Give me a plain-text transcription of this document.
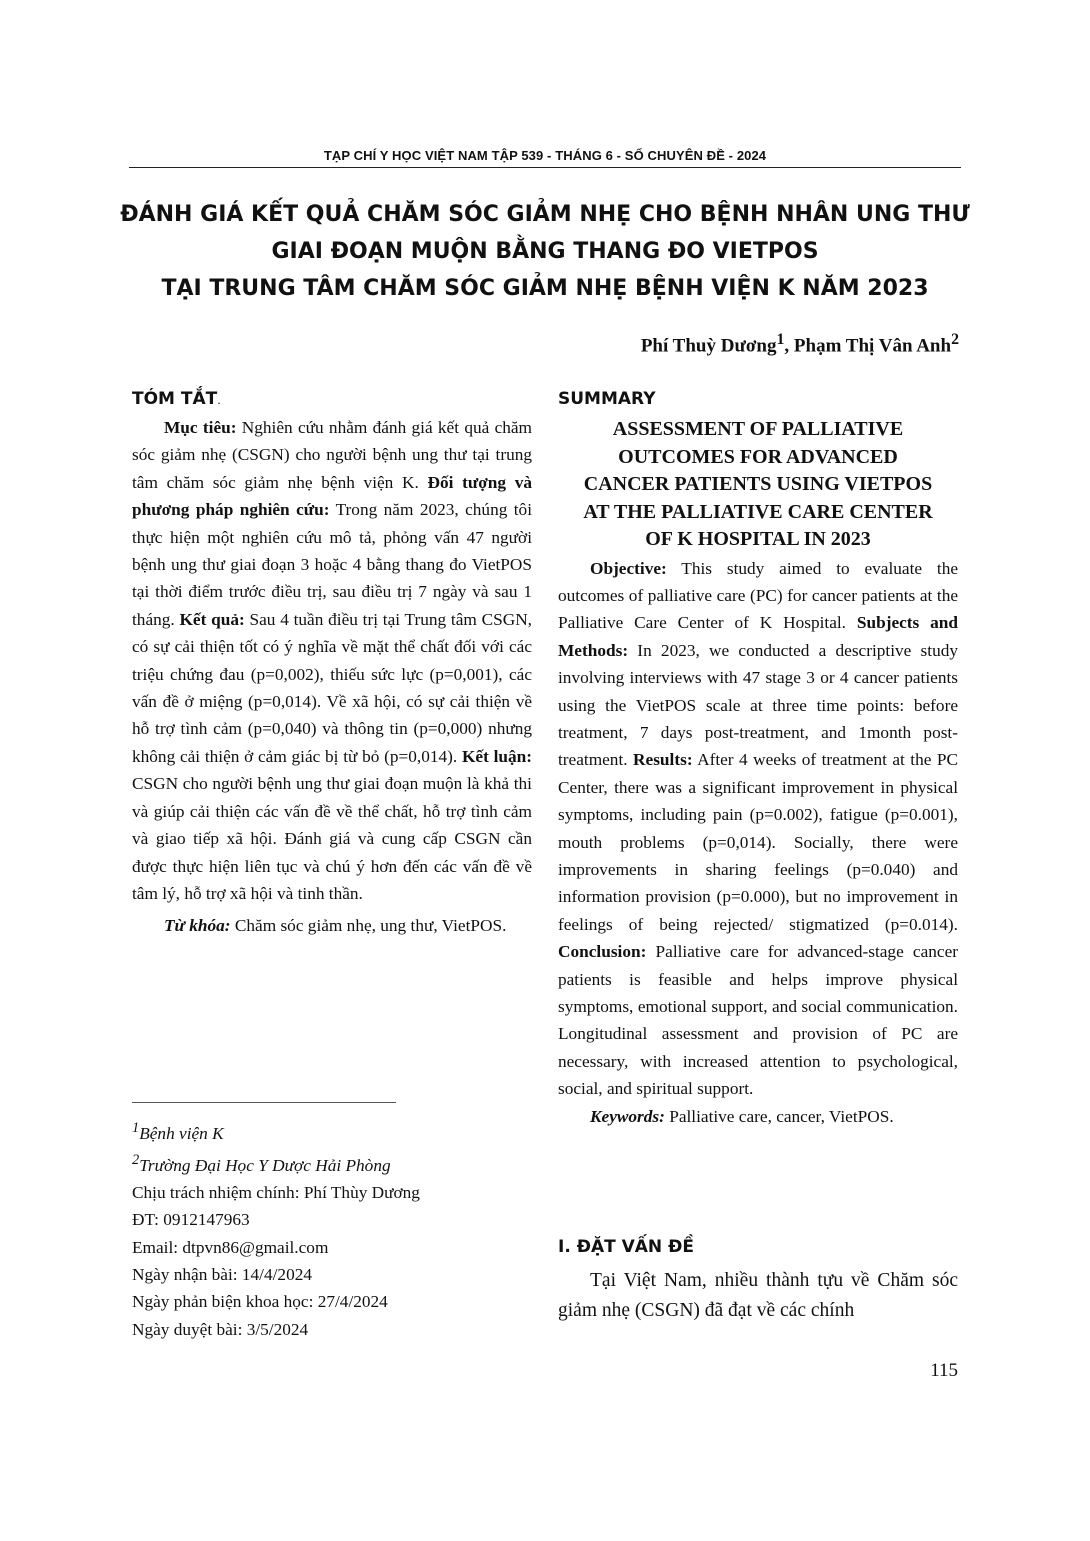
TẠP CHÍ Y HỌC VIỆT NAM TẬP 539 - THÁNG 6 - SỐ CHUYÊN ĐỀ - 2024
ĐÁNH GIÁ KẾT QUẢ CHĂM SÓC GIẢM NHẸ CHO BỆNH NHÂN UNG THƯ
GIAI ĐOẠN MUỘN BẰNG THANG ĐO VIETPOS
TẠI TRUNG TÂM CHĂM SÓC GIẢM NHẸ BỆNH VIỆN K NĂM 2023
Phí Thuỳ Dương$^1$, Phạm Thị Vân Anh$^2$
TÓM TẮT.

Mục tiêu: Nghiên cứu nhằm đánh giá kết quả chăm sóc giảm nhẹ (CSGN) cho người bệnh ung thư tại trung tâm chăm sóc giảm nhẹ bệnh viện K. Đối tượng và phương pháp nghiên cứu: Trong năm 2023, chúng tôi thực hiện một nghiên cứu mô tả, phỏng vấn 47 người bệnh ung thư giai đoạn 3 hoặc 4 bằng thang đo VietPOS tại thời điểm trước điều trị, sau điều trị 7 ngày và sau 1 tháng. Kết quả: Sau 4 tuần điều trị tại Trung tâm CSGN, có sự cải thiện tốt có ý nghĩa về mặt thể chất đối với các triệu chứng đau (p=0,002), thiếu sức lực (p=0,001), các vấn đề ở miệng (p=0,014). Về xã hội, có sự cải thiện về hỗ trợ tình cảm (p=0,040) và thông tin (p=0,000) nhưng không cải thiện ở cảm giác bị từ bỏ (p=0,014). Kết luận: CSGN cho người bệnh ung thư giai đoạn muộn là khả thi và giúp cải thiện các vấn đề về thể chất, hỗ trợ tình cảm và giao tiếp xã hội. Đánh giá và cung cấp CSGN cần được thực hiện liên tục và chú ý hơn đến các vấn đề về tâm lý, hỗ trợ xã hội và tinh thần.

Từ khóa: Chăm sóc giảm nhẹ, ung thư, VietPOS.

$^1$Bệnh viện K
$^2$Trường Đại Học Y Dược Hải Phòng
Chịu trách nhiệm chính: Phí Thùy Dương
ĐT: 0912147963
Email: dtpvn86@gmail.com
Ngày nhận bài: 14/4/2024
Ngày phản biện khoa học: 27/4/2024
Ngày duyệt bài: 3/5/2024
SUMMARY
ASSESSMENT OF PALLIATIVE
OUTCOMES FOR ADVANCED
CANCER PATIENTS USING VIETPOS
AT THE PALLIATIVE CARE CENTER
OF K HOSPITAL IN 2023

Objective: This study aimed to evaluate the outcomes of palliative care (PC) for cancer patients at the Palliative Care Center of K Hospital. Subjects and Methods: In 2023, we conducted a descriptive study involving interviews with 47 stage 3 or 4 cancer patients using the VietPOS scale at three time points: before treatment, 7 days post-treatment, and 1month post-treatment. Results: After 4 weeks of treatment at the PC Center, there was a significant improvement in physical symptoms, including pain (p=0.002), fatigue (p=0.001), mouth problems (p=0,014). Socially, there were improvements in sharing feelings (p=0.040) and information provision (p=0.000), but no improvement in feelings of being rejected/ stigmatized (p=0.014). Conclusion: Palliative care for advanced-stage cancer patients is feasible and helps improve physical symptoms, emotional support, and social communication. Longitudinal assessment and provision of PC are necessary, with increased attention to psychological, social, and spiritual support.

Keywords: Palliative care, cancer, VietPOS.

I. ĐẶT VẤN ĐỀ

Tại Việt Nam, nhiều thành tựu về Chăm sóc giảm nhẹ (CSGN) đã đạt về các chính

115
